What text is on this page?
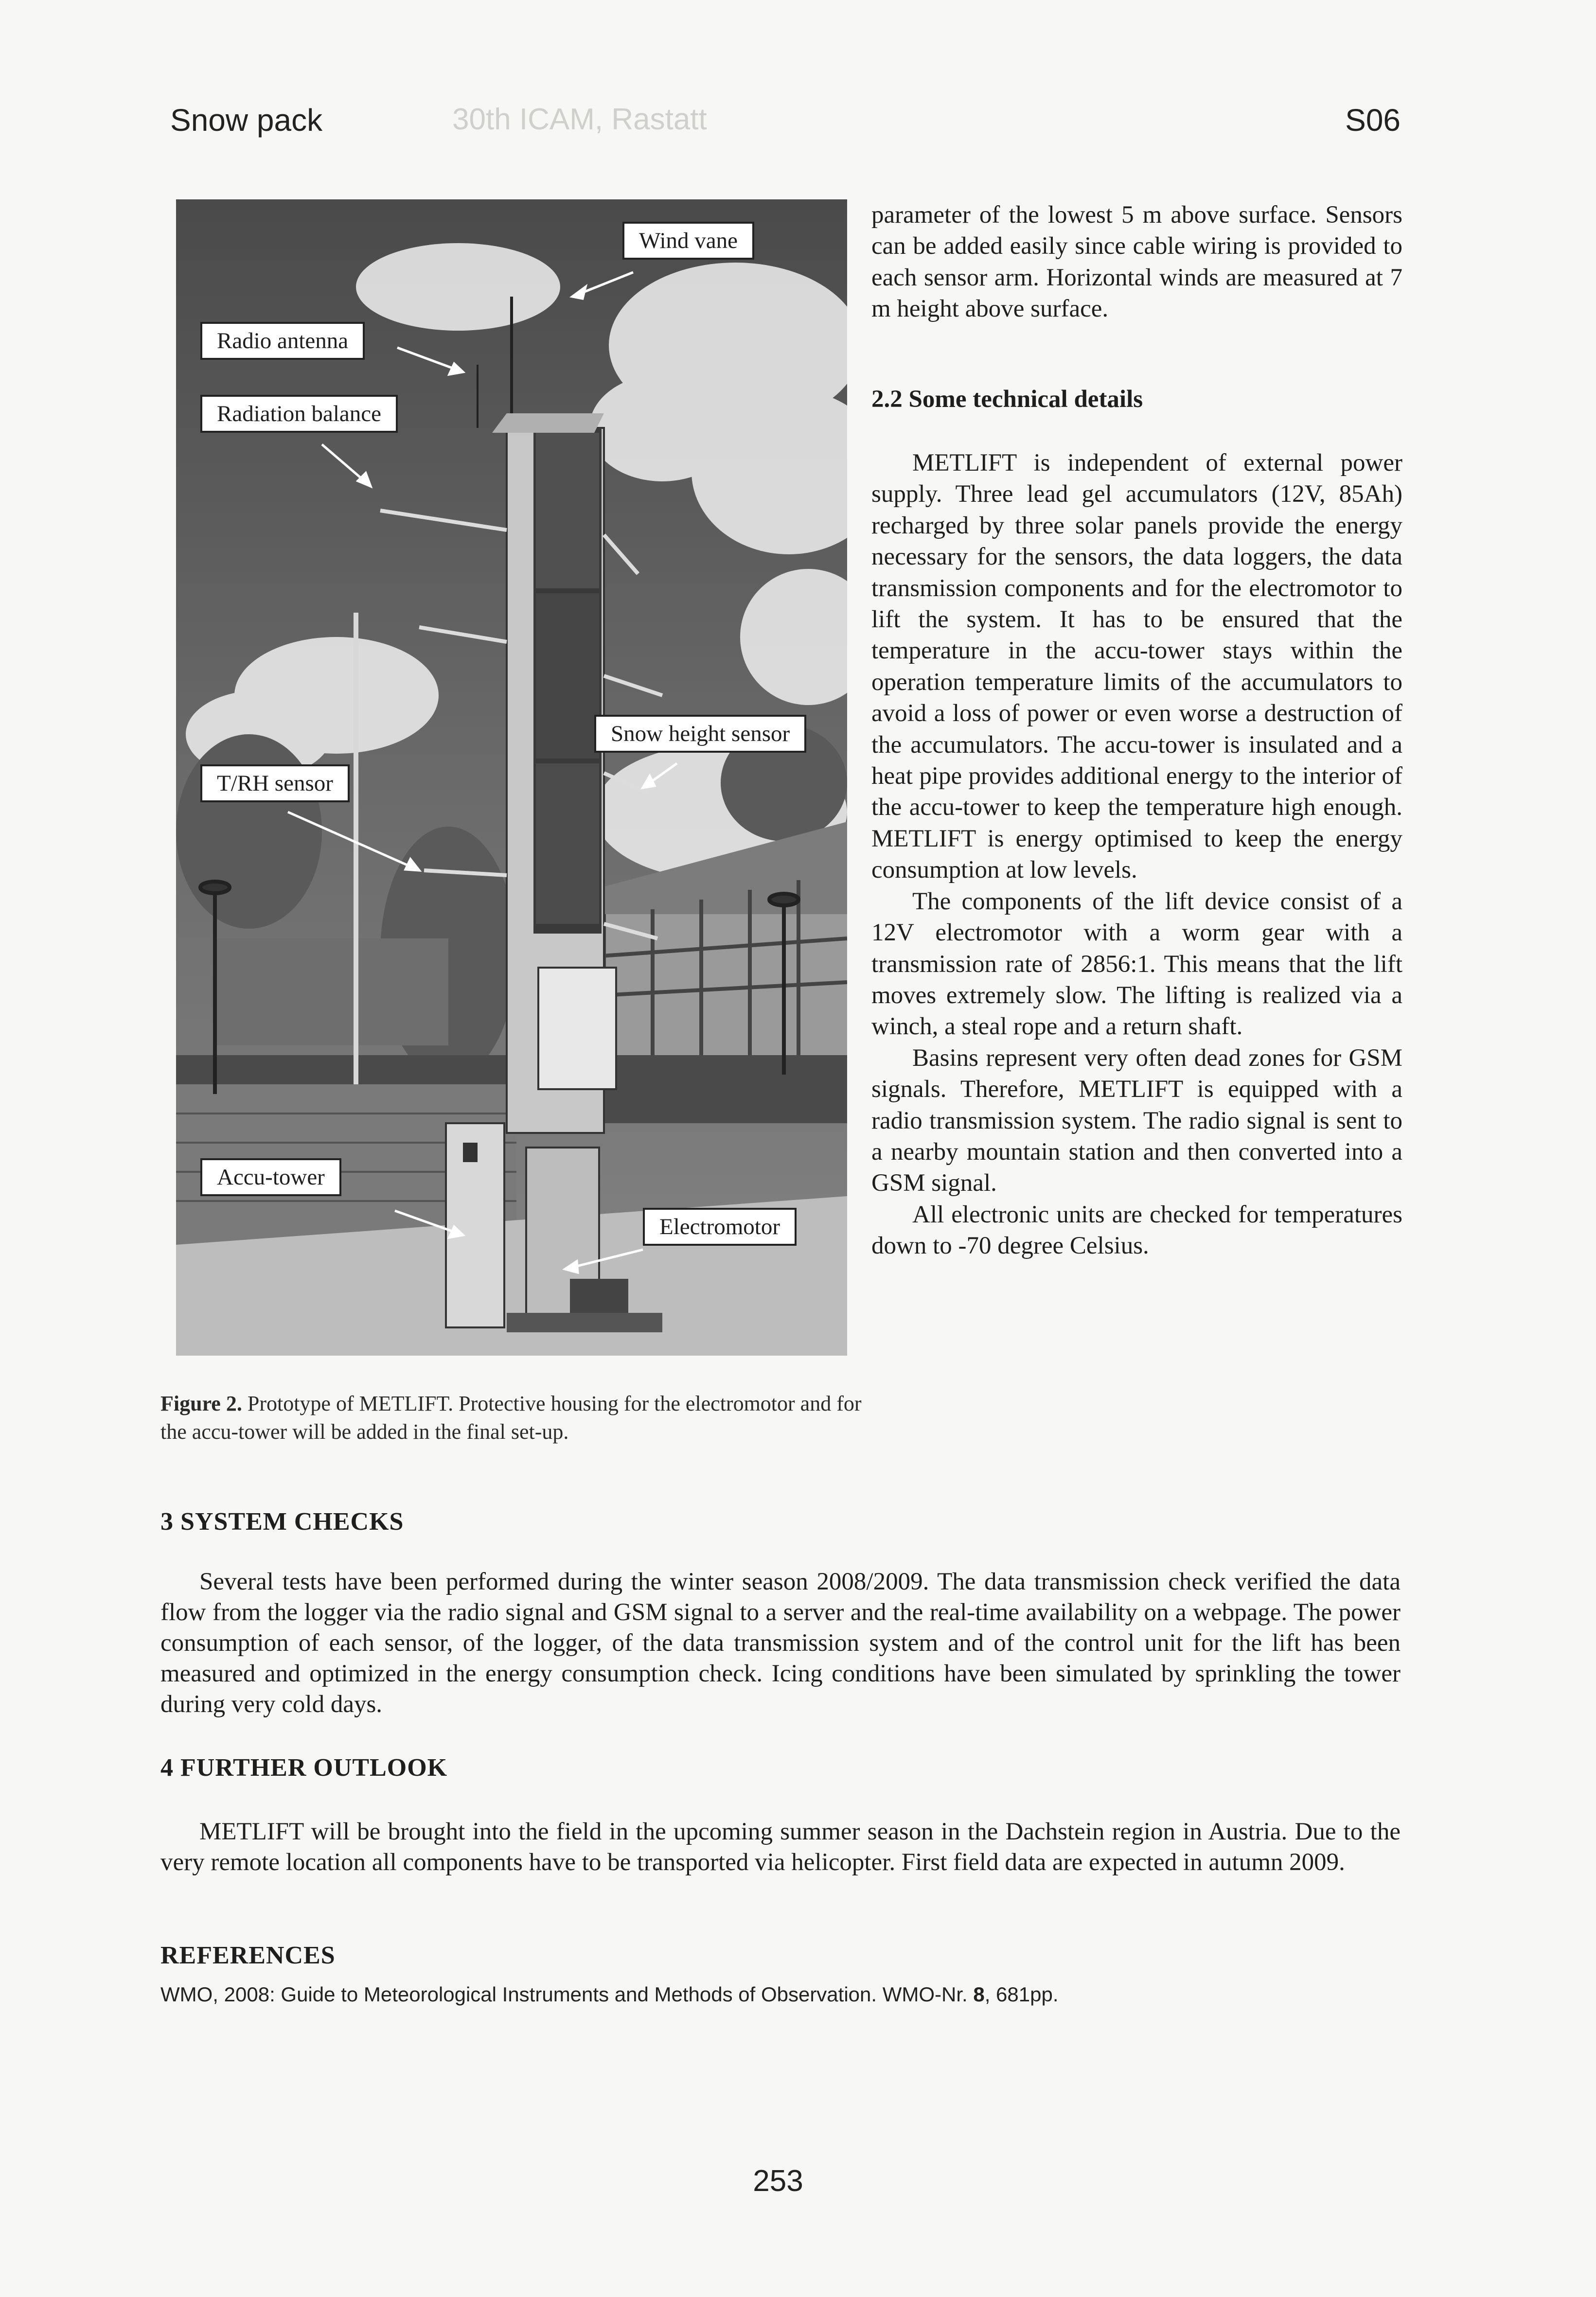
Snow pack	30th ICAM, Rastatt	S06
Wind vane
Radio antenna
Radiation balance
Snow height sensor
T/RH sensor
Accu-tower
Electromotor
Figure 2. Prototype of METLIFT. Protective housing for the electromotor and for the accu-tower will be added in the final set-up.

parameter of the lowest 5 m above surface. Sensors can be added easily since cable wiring is provided to each sensor arm. Horizontal winds are measured at 7 m height above surface.

2.2 Some technical details

METLIFT is independent of external power supply. Three lead gel accumulators (12V, 85Ah) recharged by three solar panels provide the energy necessary for the sensors, the data loggers, the data transmission components and for the electromotor to lift the system. It has to be ensured that the temperature in the accu-tower stays within the operation temperature limits of the accumulators to avoid a loss of power or even worse a destruction of the accumulators. The accu-tower is insulated and a heat pipe provides additional energy to the interior of the accu-tower to keep the temperature high enough. METLIFT is energy optimised to keep the energy consumption at low levels.

The components of the lift device consist of a 12V electromotor with a worm gear with a transmission rate of 2856:1. This means that the lift moves extremely slow. The lifting is realized via a winch, a steal rope and a return shaft.

Basins represent very often dead zones for GSM signals. Therefore, METLIFT is equipped with a radio transmission system. The radio signal is sent to a nearby mountain station and then converted into a GSM signal.

All electronic units are checked for temperatures down to -70 degree Celsius.

3 SYSTEM CHECKS

Several tests have been performed during the winter season 2008/2009. The data transmission check verified the data flow from the logger via the radio signal and GSM signal to a server and the real-time availability on a webpage. The power consumption of each sensor, of the logger, of the data transmission system and of the control unit for the lift has been measured and optimized in the energy consumption check. Icing conditions have been simulated by sprinkling the tower during very cold days.

4 FURTHER OUTLOOK

METLIFT will be brought into the field in the upcoming summer season in the Dachstein region in Austria. Due to the very remote location all components have to be transported via helicopter. First field data are expected in autumn 2009.

REFERENCES
WMO, 2008: Guide to Meteorological Instruments and Methods of Observation. WMO-Nr. 8, 681pp.
253
